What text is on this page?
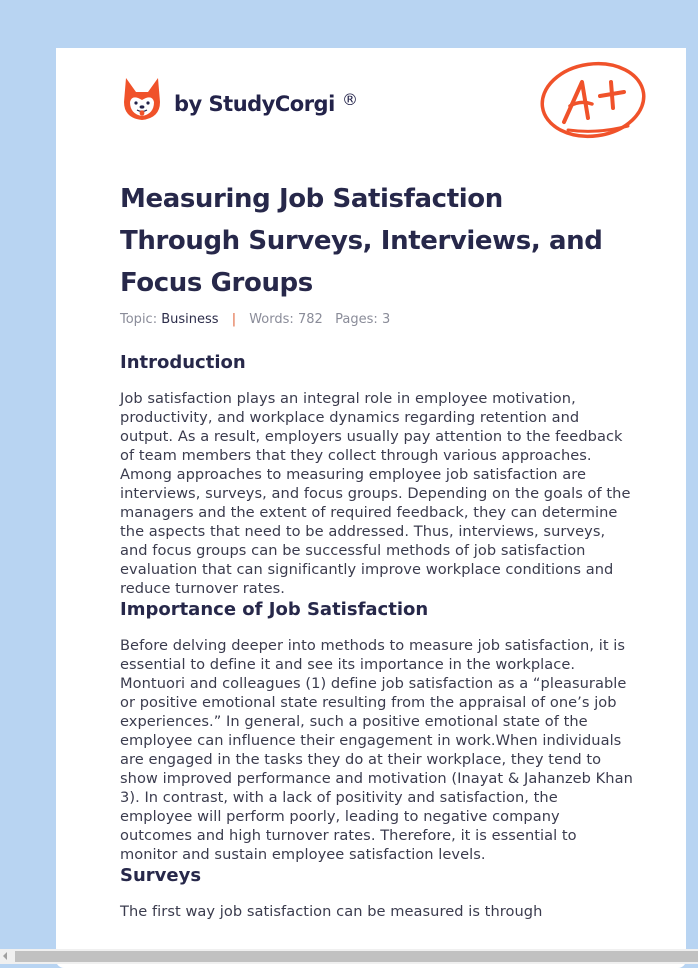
by StudyCorgi ®
Measuring Job Satisfaction Through Surveys, Interviews, and Focus Groups
Topic: Business | Words: 782 Pages: 3
Introduction

Job satisfaction plays an integral role in employee motivation, productivity, and workplace dynamics regarding retention and output. As a result, employers usually pay attention to the feedback of team members that they collect through various approaches. Among approaches to measuring employee job satisfaction are interviews, surveys, and focus groups. Depending on the goals of the managers and the extent of required feedback, they can determine the aspects that need to be addressed. Thus, interviews, surveys, and focus groups can be successful methods of job satisfaction evaluation that can significantly improve workplace conditions and reduce turnover rates.

Importance of Job Satisfaction

Before delving deeper into methods to measure job satisfaction, it is essential to define it and see its importance in the workplace. Montuori and colleagues (1) define job satisfaction as a “pleasurable or positive emotional state resulting from the appraisal of one’s job experiences.” In general, such a positive emotional state of the employee can influence their engagement in work.When individuals are engaged in the tasks they do at their workplace, they tend to show improved performance and motivation (Inayat & Jahanzeb Khan 3). In contrast, with a lack of positivity and satisfaction, the employee will perform poorly, leading to negative company outcomes and high turnover rates. Therefore, it is essential to monitor and sustain employee satisfaction levels.

Surveys

The first way job satisfaction can be measured is through
